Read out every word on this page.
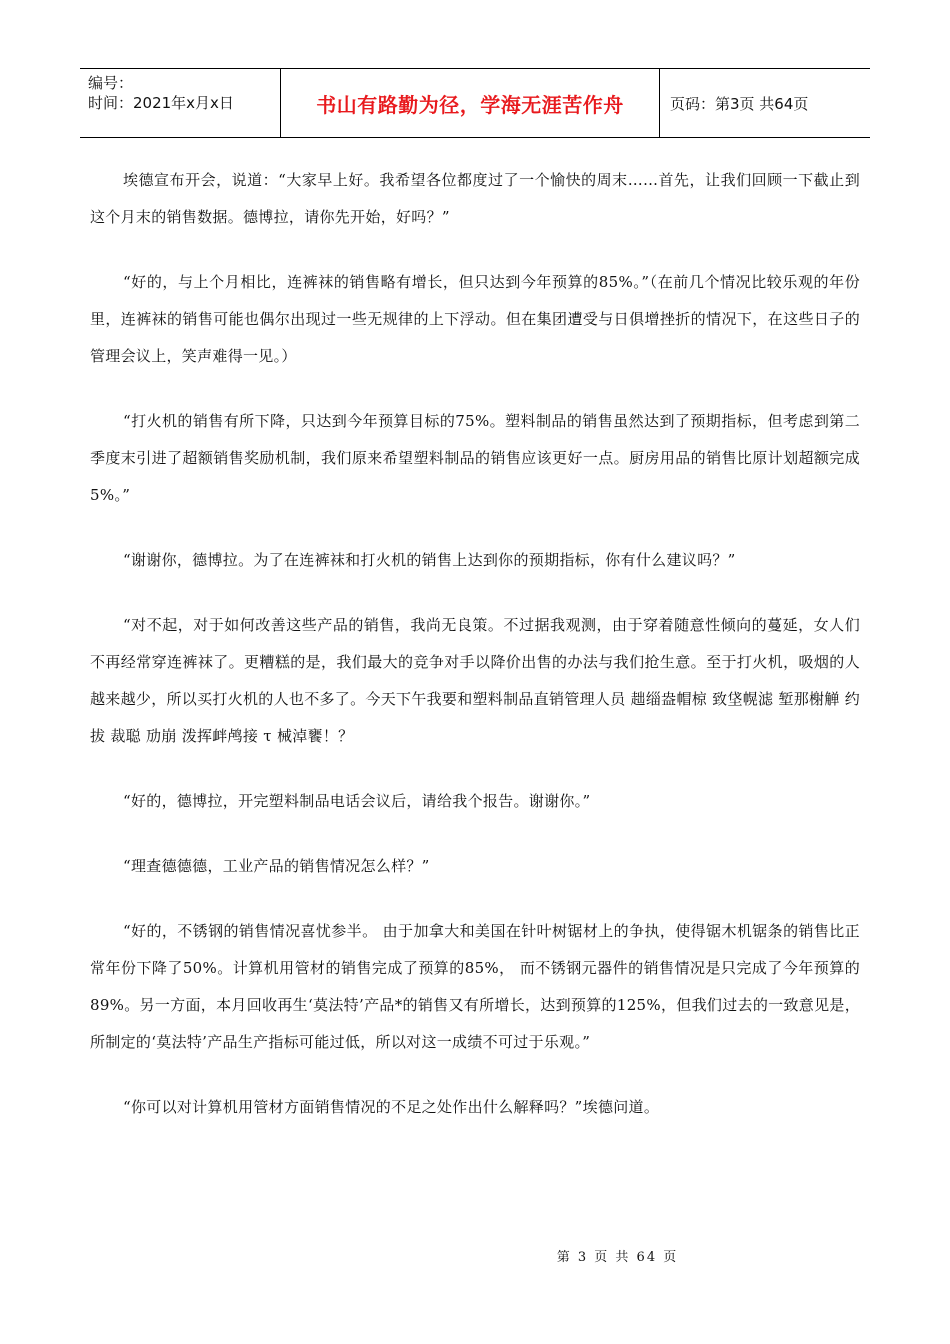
编号：
时间：2021年x月x日	书山有路勤为径，学海无涯苦作舟	页码：第3页 共64页

埃德宣布开会，说道：“大家早上好。我希望各位都度过了一个愉快的周末……首先，让我们回顾一下截止到这个月末的销售数据。德博拉，请你先开始，好吗？”

“好的，与上个月相比，连裤袜的销售略有增长，但只达到今年预算的85%。”（在前几个情况比较乐观的年份里，连裤袜的销售可能也偶尔出现过一些无规律的上下浮动。但在集团遭受与日俱增挫折的情况下，在这些日子的管理会议上，笑声难得一见。）

“打火机的销售有所下降，只达到今年预算目标的75%。塑料制品的销售虽然达到了预期指标，但考虑到第二季度末引进了超额销售奖励机制，我们原来希望塑料制品的销售应该更好一点。厨房用品的销售比原计划超额完成5%。”

“谢谢你，德博拉。为了在连裤袜和打火机的销售上达到你的预期指标，你有什么建议吗？”

“对不起，对于如何改善这些产品的销售，我尚无良策。不过据我观测，由于穿着随意性倾向的蔓延，女人们不再经常穿连裤袜了。更糟糕的是，我们最大的竞争对手以降价出售的办法与我们抢生意。至于打火机，吸烟的人越来越少，所以买打火机的人也不多了。今天下午我要和塑料制品直销管理人员 趉缁盎帽椋 致垡幌滤 堑那榭觯 约拔 裁聪 劢崩 泼挥衅鸬接 τ 械淖饔！？

“好的，德博拉，开完塑料制品电话会议后，请给我个报告。谢谢你。”

“理查德德德，工业产品的销售情况怎么样？”

“好的，不锈钢的销售情况喜忧参半。 由于加拿大和美国在针叶树锯材上的争执，使得锯木机锯条的销售比正常年份下降了50%。计算机用管材的销售完成了预算的85%， 而不锈钢元器件的销售情况是只完成了今年预算的89%。另一方面，本月回收再生‘莫法特’产品*的销售又有所增长，达到预算的125%，但我们过去的一致意见是，所制定的‘莫法特’产品生产指标可能过低，所以对这一成绩不可过于乐观。”

“你可以对计算机用管材方面销售情况的不足之处作出什么解释吗？”埃德问道。

第 3 页 共 64 页
